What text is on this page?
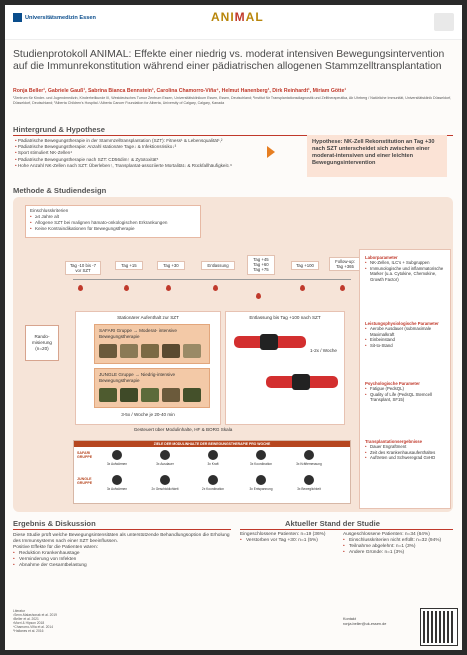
Universitätsmedizin Essen	ANIMAL
Studienprotokoll ANIMAL: Effekte einer niedrig vs. moderat intensiven Bewegungsintervention auf die Immunrekonstitution während einer pädiatrischen allogenen Stammzelltransplantation
Ronja Beller¹, Gabriele Gauß¹, Sabrina Bianca Bennstein¹, Carolina Chamorro-Viña⁴, Helmut Hanenberg¹, Dirk Reinhardt¹, Miriam Götte¹
¹Zentrum für Kinder- und Jugendmedizin, Kinderheilkunde III, Westdeutsches Tumor Zentrum Essen, Universitätsklinikum Essen, Essen, Deutschland; ²Institut für Transplantationsdiagnostik und Zelltherapeutika, Ab Uhrberg / Natürliche Immunität, Universitätsklinik Düsseldorf, Düsseldorf, Deutschland; ³Alberta Children's Hospital / Alberta Cancer Foundation for Alberta, University of Calgary, Calgary, Kanada
Hintergrund & Hypothese
• Pädiatrische Bewegungstherapie in der Stammzelltransplantation (SZT): Fitness¹ & Lebensqualität¹,²
• Pädiatrische Bewegungstherapie: Anzahl stationäre Tage↓ & Infektionsrisiko↓³
• Sport stimuliert NK-Zellen⁴
• Pädiatrische Bewegungstherapie nach SZT: CD56dim↑ & Zytotoxität⁵
• Hohe Anzahl NK-Zellen nach SZT: Überleben↑, Transplantat-assoziierte Mortalität↓ & Rückfallhäufigkeit↓⁶
Hypothese: NK-Zell Rekonstitution an Tag +30 nach SZT unterscheidet sich zwischen einer moderat-intensiven und einer leichten Bewegungsintervention
Methode & Studiendesign
Einschlusskriterien
• ≥4 Jahre alt
• Allogene SZT bei malignen hämato-onkologischen Erkrankungen
• Keine Kontraindikationen für Bewegungstherapie
Tag -10 bis -7 vor SZT
Tag +15	Tag +30	Entlassung
Tag +45
Tag +60
Tag +75
Tag +100
Follow-up: Tag +365
Rando-misierung
(n=20)
Stationärer Aufenthalt zur SZT
SAFARI Gruppe → Moderat- intensive Bewegungstherapie
JUNGLE Gruppe → Niedrig-intensive Bewegungstherapie
3-5x / Woche je 20-40 min
Entlassung bis Tag +100 nach SZT
1-2x / Woche
Gesteuert über Modulinhalte, HF & BORG Skala
ZIELE DER MODULINHALTE DER BEWEGUNGSTHERAPIE PRO WOCHE
SAFARI GRUPPE
JUNGLE GRUPPE
3x Aufwärmen	3x Ausdauer	3x Kraft	3x Koordination	3x Kräftemessung
3x Aufwärmen	2x Geschicklichkeit	2x Koordination	3x Entspannung	3x Beweglichkeit
Laborparameter
• NK-Zellen, ILC's + Subgruppen
• Immunologische und inflammatorische Marker (u.a. Cytokine, Chemokine, Growth Factor)
Leistungsphysiologische Parameter
• Aerobe Ausdauer (submaximale Maximalkraft
• Einbeinstand
• Sit-to-Stand
Psychologische Parameter
• Fatigue (PedsQL)
• Quality of Life (PedsQL Stemcell Transplant, SF15)
Transplantationsergebnisse
• Dauer Engraftment
• Zeit des Krankenhausaufenthaltes
• Auftreten und Schweregrad GvHD
Ergebnis & Diskussion
Diese Studie prüft welche Bewegungsintensitäten als unterstützende Behandlungsoption die Erholung des Immunsystems nach einer SZT beeinflussen.
Positive Effekte für die Patienten wären:
• Reduktion Krankenhaustage
• Verminderung von Infekten
• Abnahme der Gesamtbelastung
Literatur
¹Senn-Malashonak et al. 2019
²Beller et al. 2021
³Morri & Hipson 2018
⁴Chamorro-Viña et al. 2014
⁵Hallanes et al. 2016
Aktueller Stand der Studie
Eingeschlossene Patienten: n=19 (36%)
• Verstorben vor Tag +30: n=1 (5%)
Ausgeschlossene Patienten: n=34 (64%)
• Einschlusskriterien nicht erfüllt: n=32 (94%)
• Teilnahme abgelehnt: n=1 (3%)
• Andere Gründe: n=1 (3%)
Kontakt
ronja.beller@uk-essen.de
